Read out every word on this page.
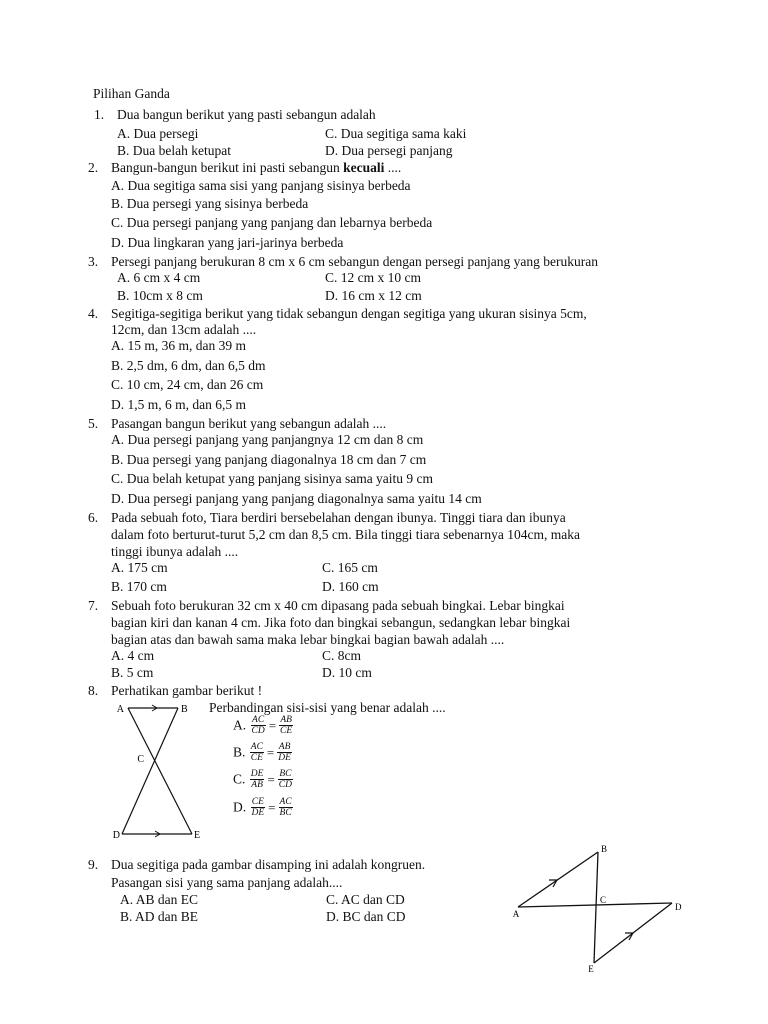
Pilihan Ganda
1. Dua bangun berikut yang pasti sebangun adalah
A. Dua persegi
B. Dua belah ketupat
C. Dua segitiga sama kaki
D. Dua persegi panjang
2. Bangun-bangun berikut ini pasti sebangun kecuali ....
A. Dua segitiga sama sisi yang panjang sisinya berbeda
B. Dua persegi yang sisinya berbeda
C. Dua persegi panjang yang panjang dan lebarnya berbeda
D. Dua lingkaran yang jari-jarinya berbeda
3. Persegi panjang berukuran 8 cm x 6 cm sebangun dengan persegi panjang yang berukuran
A. 6 cm x 4 cm
B. 10cm x 8 cm
C. 12 cm x 10 cm
D. 16 cm x 12 cm
4. Segitiga-segitiga berikut yang tidak sebangun dengan segitiga yang ukuran sisinya 5cm,
12cm, dan 13cm adalah ....
A. 15 m, 36 m, dan 39 m
B. 2,5 dm, 6 dm, dan 6,5 dm
C. 10 cm, 24 cm, dan 26 cm
D. 1,5 m, 6 m, dan 6,5 m
5. Pasangan bangun berikut yang sebangun adalah ....
A. Dua persegi panjang yang panjangnya 12 cm dan 8 cm
B. Dua persegi yang panjang diagonalnya 18 cm dan 7 cm
C. Dua belah ketupat yang panjang sisinya sama yaitu 9 cm
D. Dua persegi panjang yang panjang diagonalnya sama yaitu 14 cm
6. Pada sebuah foto, Tiara berdiri bersebelahan dengan ibunya. Tinggi tiara dan ibunya
dalam foto berturut-turut 5,2 cm dan 8,5 cm. Bila tinggi tiara sebenarnya 104cm, maka
tinggi ibunya adalah ....
A. 175 cm
B. 170 cm
C. 165 cm
D. 160 cm
7. Sebuah foto berukuran 32 cm x 40 cm dipasang pada sebuah bingkai. Lebar bingkai
bagian kiri dan kanan 4 cm. Jika foto dan bingkai sebangun, sedangkan lebar bingkai
bagian atas dan bawah sama maka lebar bingkai bagian bawah adalah ....
A. 4 cm
B. 5 cm
C. 8cm
D. 10 cm
8. Perhatikan gambar berikut !
A	B
C
D	E
Perbandingan sisi-sisi yang benar adalah ....
A. $\frac{AC}{CD} = \frac{AB}{CE}$
B. $\frac{AC}{CE} = \frac{AB}{DE}$
C. $\frac{DE}{AB} = \frac{BC}{CD}$
D. $\frac{CE}{DE} = \frac{AC}{BC}$
9. Dua segitiga pada gambar disamping ini adalah kongruen.
Pasangan sisi yang sama panjang adalah....
A. AB dan EC
B. AD dan BE
C. AC dan CD
D. BC dan CD	A
B
C
D
E
